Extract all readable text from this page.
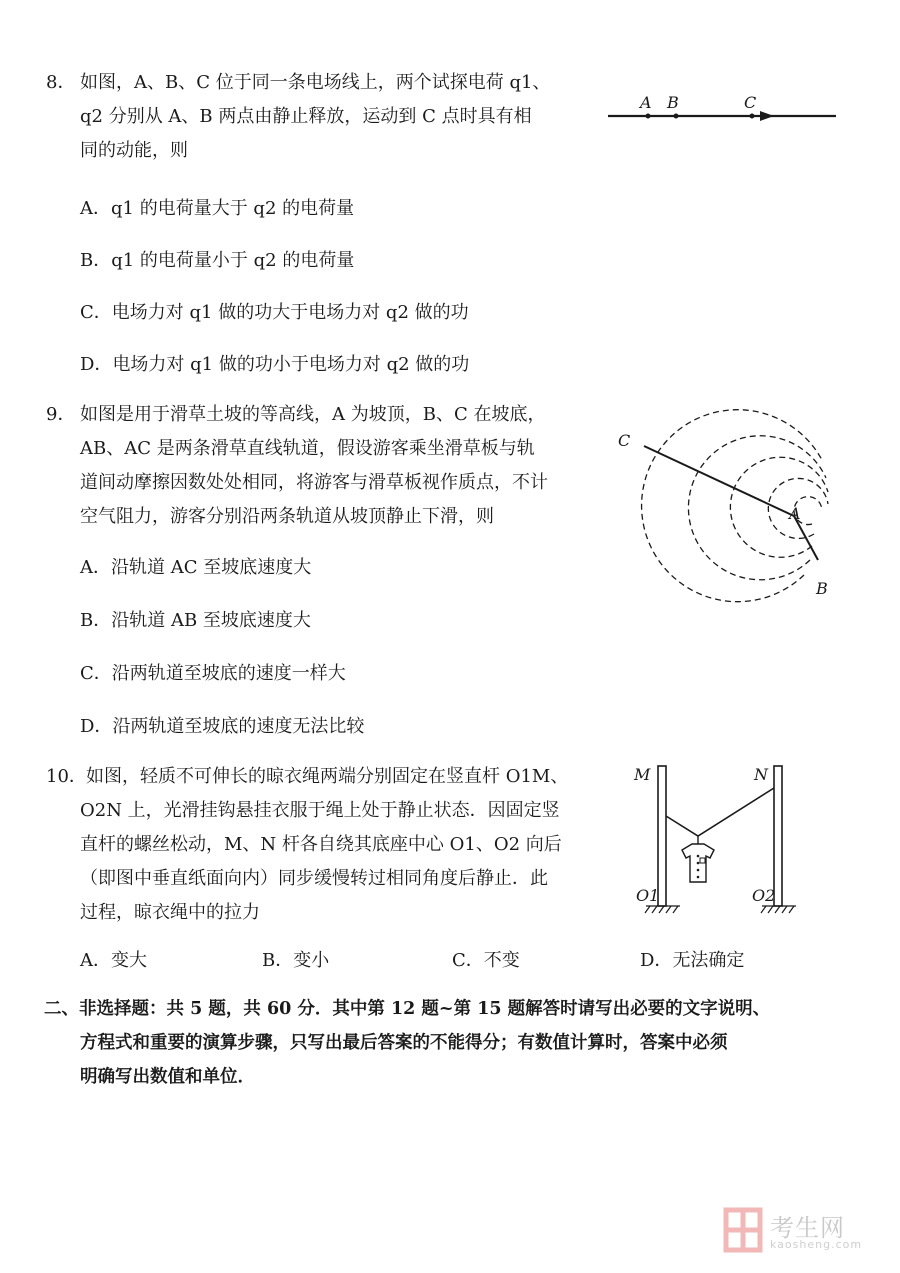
8． 如图，A、B、C 位于同一条电场线上，两个试探电荷 q1、
q2 分别从 A、B 两点由静止释放，运动到 C 点时具有相
同的动能，则
A B	C
A．q1 的电荷量大于 q2 的电荷量
B．q1 的电荷量小于 q2 的电荷量
C．电场力对 q1 做的功大于电场力对 q2 做的功
D．电场力对 q1 做的功小于电场力对 q2 做的功
9． 如图是用于滑草土坡的等高线，A 为坡顶，B、C 在坡底，
AB、AC 是两条滑草直线轨道，假设游客乘坐滑草板与轨
道间动摩擦因数处处相同，将游客与滑草板视作质点，不计
空气阻力，游客分别沿两条轨道从坡顶静止下滑，则
C
A
B
A．沿轨道 AC 至坡底速度大
B．沿轨道 AB 至坡底速度大
C．沿两轨道至坡底的速度一样大
D．沿两轨道至坡底的速度无法比较
10． 如图，轻质不可伸长的晾衣绳两端分别固定在竖直杆 O1M、
O2N 上，光滑挂钩悬挂衣服于绳上处于静止状态．因固定竖
直杆的螺丝松动，M、N 杆各自绕其底座中心 O1、O2 向后
（即图中垂直纸面向内）同步缓慢转过相同角度后静止．此
过程，晾衣绳中的拉力
M	N
O1	O2
A．变大	B．变小	C．不变	D．无法确定
二、非选择题：共 5 题，共 60 分．其中第 12 题~第 15 题解答时请写出必要的文字说明、
方程式和重要的演算步骤，只写出最后答案的不能得分；有数值计算时，答案中必须
明确写出数值和单位．
考生网
kaosheng.com
